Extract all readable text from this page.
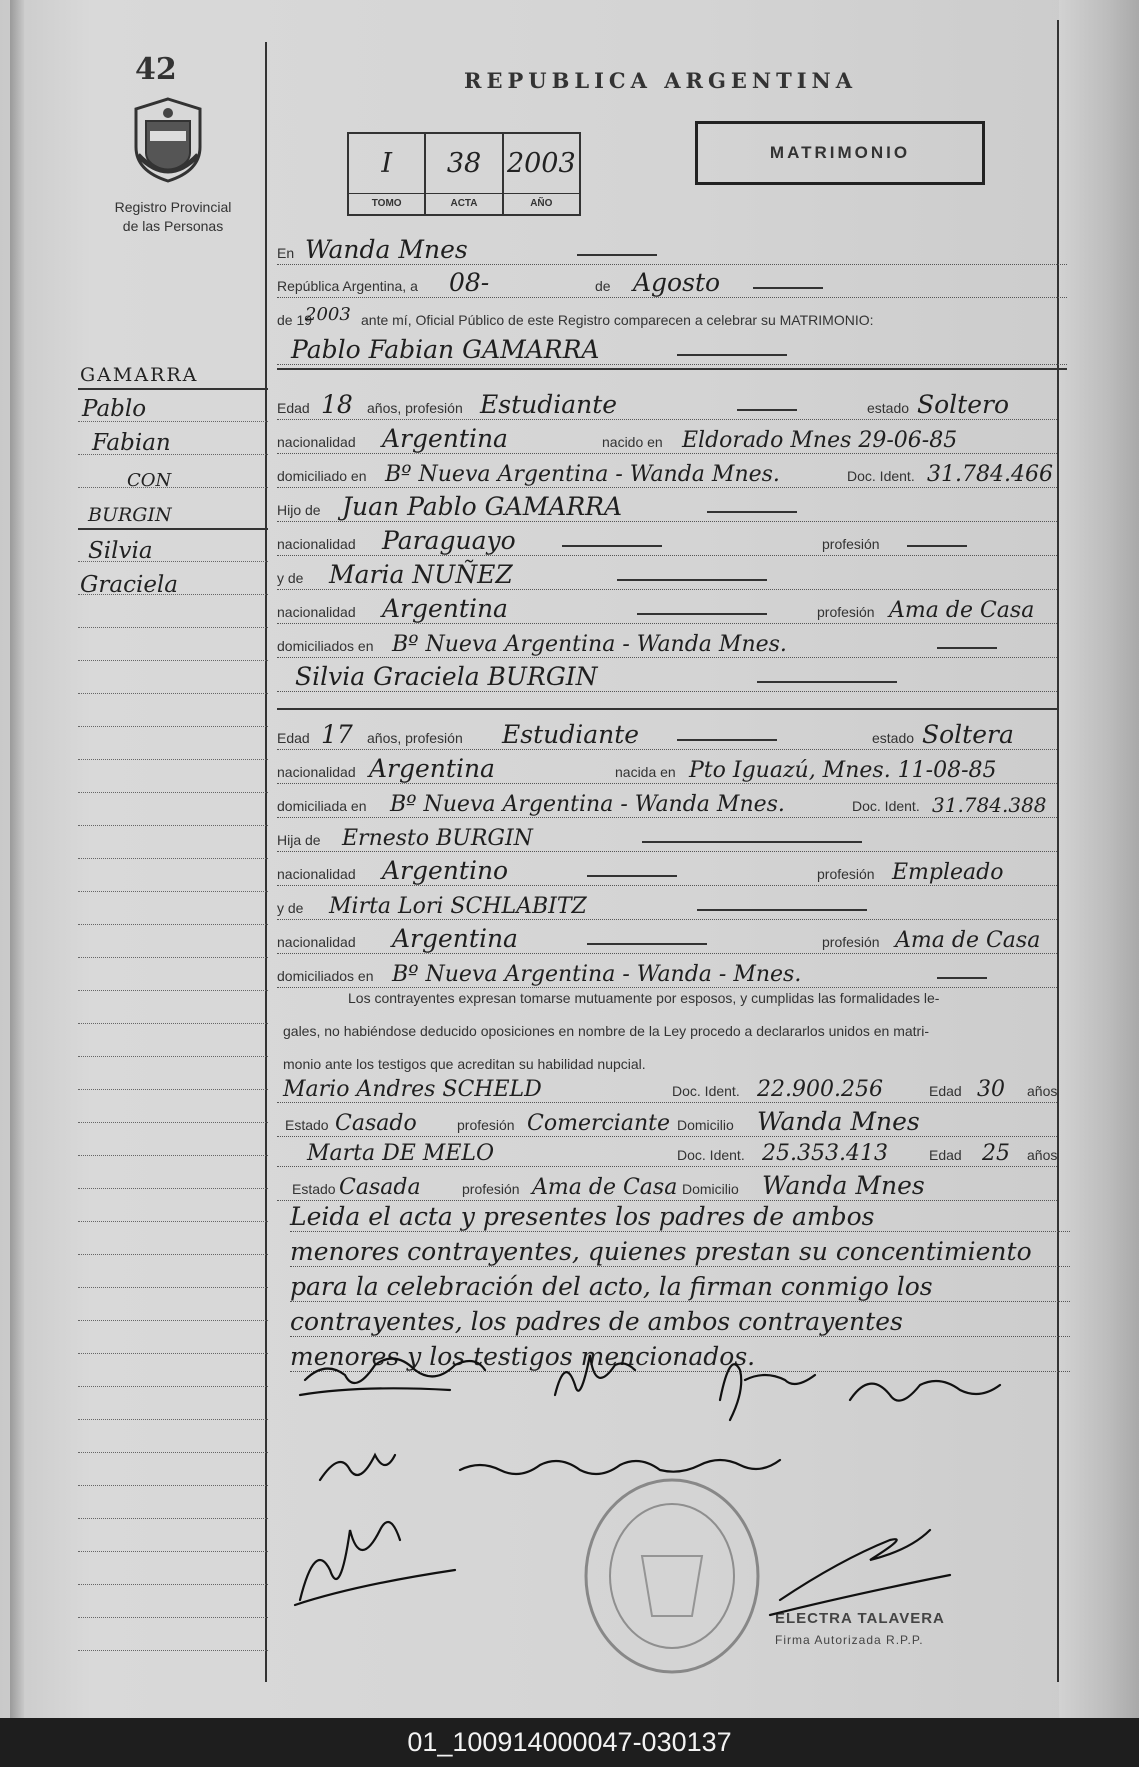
42
Registro Provincial
de las Personas
REPUBLICA ARGENTINA
I
TOMO
38
ACTA
2003
AÑO
MATRIMONIO
En Wanda Mnes
República Argentina, a 08-	de Agosto
de 19
2003 ante mí, Oficial Público de este Registro comparecen a celebrar su MATRIMONIO:
Pablo Fabian GAMARRA
Edad 18 años, profesión Estudiante	estado Soltero
nacionalidad Argentina	nacido en Eldorado Mnes 29-06-85
domiciliado en Bº Nueva Argentina - Wanda Mnes.	Doc. Ident. 31.784.466
Hijo de Juan Pablo GAMARRA
nacionalidad Paraguayo	profesión
y de Maria NUÑEZ
nacionalidad Argentina	profesión Ama de Casa
domiciliados en Bº Nueva Argentina - Wanda Mnes.
Silvia Graciela BURGIN
Edad 17 años, profesión Estudiante	estado Soltera
nacionalidad Argentina	nacida en Pto Iguazú, Mnes. 11-08-85
domiciliada en Bº Nueva Argentina - Wanda Mnes.	Doc. Ident. 31.784.388
Hija de Ernesto BURGIN
nacionalidad Argentino	profesión Empleado
y de Mirta Lori SCHLABITZ
nacionalidad Argentina	profesión Ama de Casa
domiciliados en Bº Nueva Argentina - Wanda - Mnes.
Los contrayentes expresan tomarse mutuamente por esposos, y cumplidas las formalidades le-
gales, no habiéndose deducido oposiciones en nombre de la Ley procedo a declararlos unidos en matri-
monio ante los testigos que acreditan su habilidad nupcial.
Mario Andres SCHELD	Doc. Ident. 22.900.256	Edad 30 años
Estado Casado	profesión Comerciante Domicilio Wanda Mnes
Marta DE MELO	Doc. Ident. 25.353.413	Edad 25 años
Estado Casada	profesión Ama de Casa Domicilio Wanda Mnes
Leida el acta y presentes los padres de ambos
menores contrayentes, quienes prestan su concentimiento
para la celebración del acto, la firman conmigo los
contrayentes, los padres de ambos contrayentes
menores y los testigos mencionados.
GAMARRA
Pablo
Fabian
CON
BURGIN
Silvia
Graciela
ELECTRA TALAVERA
Firma Autorizada R.P.P.
01_100914000047-030137
